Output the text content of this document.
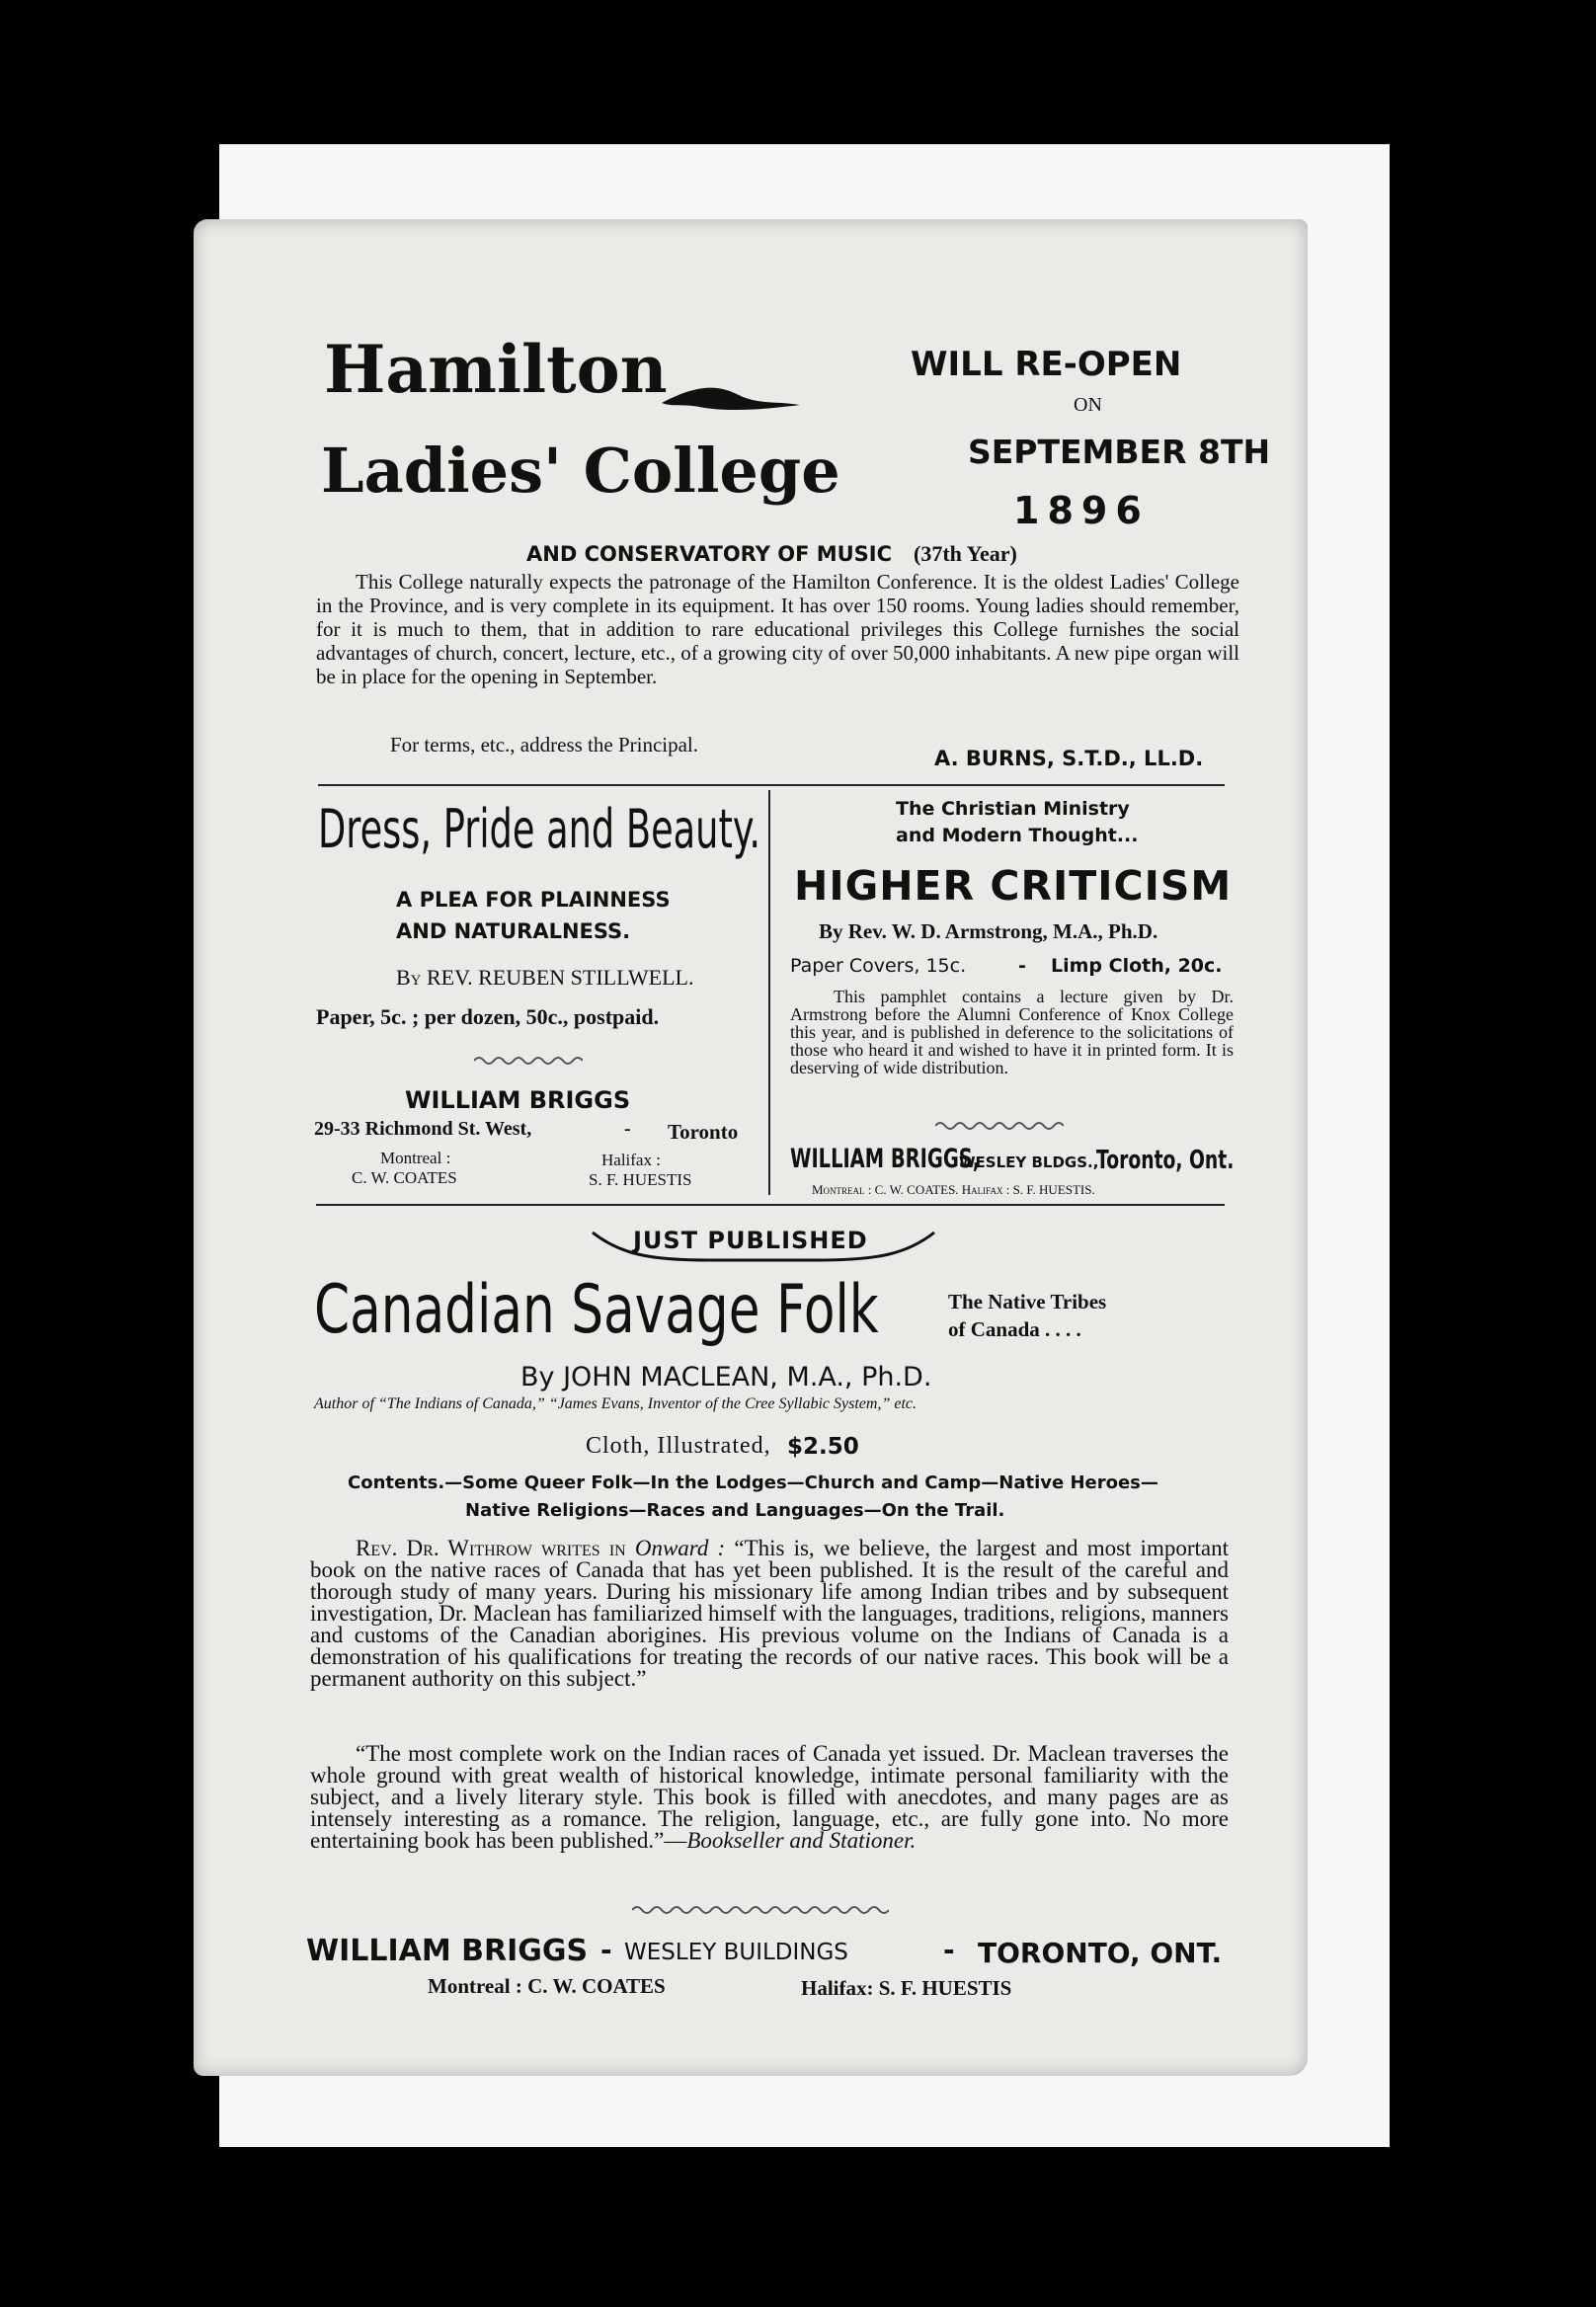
Hamilton
Ladies' College
WILL RE-OPEN
ON
SEPTEMBER 8TH
1896
AND CONSERVATORY OF MUSIC (37th Year)
This College naturally expects the patronage of the Hamilton Conference. It is the oldest Ladies' College in the Province, and is very complete in its equipment. It has over 150 rooms. Young ladies should remember, for it is much to them, that in addition to rare educational privileges this College furnishes the social advantages of church, concert, lecture, etc., of a growing city of over 50,000 inhabitants. A new pipe organ will be in place for the opening in September.
For terms, etc., address the Principal.
A. BURNS, S.T.D., LL.D.
Dress, Pride and Beauty.
A PLEA FOR PLAINNESS
AND NATURALNESS.
By REV. REUBEN STILLWELL.
Paper, 5c. ; per dozen, 50c., postpaid.
WILLIAM BRIGGS
29-33 Richmond St. West,	- Toronto
Montreal :
C. W. COATES
Halifax :
S. F. HUESTIS
The Christian Ministry
and Modern Thought...
HIGHER CRITICISM
By Rev. W. D. Armstrong, M.A., Ph.D.
Paper Covers, 15c.	- Limp Cloth, 20c.
This pamphlet contains a lecture given by Dr. Armstrong before the Alumni Conference of Knox College this year, and is published in deference to the solicitations of those who heard it and wished to have it in printed form. It is deserving of wide distribution.
WILLIAM BRIGGS,
WESLEY BLDGS.,
Toronto, Ont.
Montreal : C. W. COATES. Halifax : S. F. HUESTIS.
JUST PUBLISHED
Canadian Savage Folk	The Native Tribes
of Canada . . . .
By JOHN MACLEAN, M.A., Ph.D.
Author of “The Indians of Canada,” “James Evans, Inventor of the Cree Syllabic System,” etc.
Cloth, Illustrated, $2.50
Contents.—Some Queer Folk—In the Lodges—Church and Camp—Native Heroes—
Native Religions—Races and Languages—On the Trail.
Rev. Dr. Withrow writes in Onward : “This is, we believe, the largest and most important book on the native races of Canada that has yet been published. It is the result of the careful and thorough study of many years. During his missionary life among Indian tribes and by subsequent investigation, Dr. Maclean has familiarized himself with the languages, traditions, religions, manners and customs of the Canadian aborigines. His previous volume on the Indians of Canada is a demonstration of his qualifications for treating the records of our native races. This book will be a permanent authority on this subject.”
“The most complete work on the Indian races of Canada yet issued. Dr. Maclean traverses the whole ground with great wealth of historical knowledge, intimate personal familiarity with the subject, and a lively literary style. This book is filled with anecdotes, and many pages are as intensely interesting as a romance. The religion, language, etc., are fully gone into. No more entertaining book has been published.”—Bookseller and Stationer.
WILLIAM BRIGGS - WESLEY BUILDINGS	- TORONTO, ONT.
Montreal : C. W. COATES	Halifax: S. F. HUESTIS
